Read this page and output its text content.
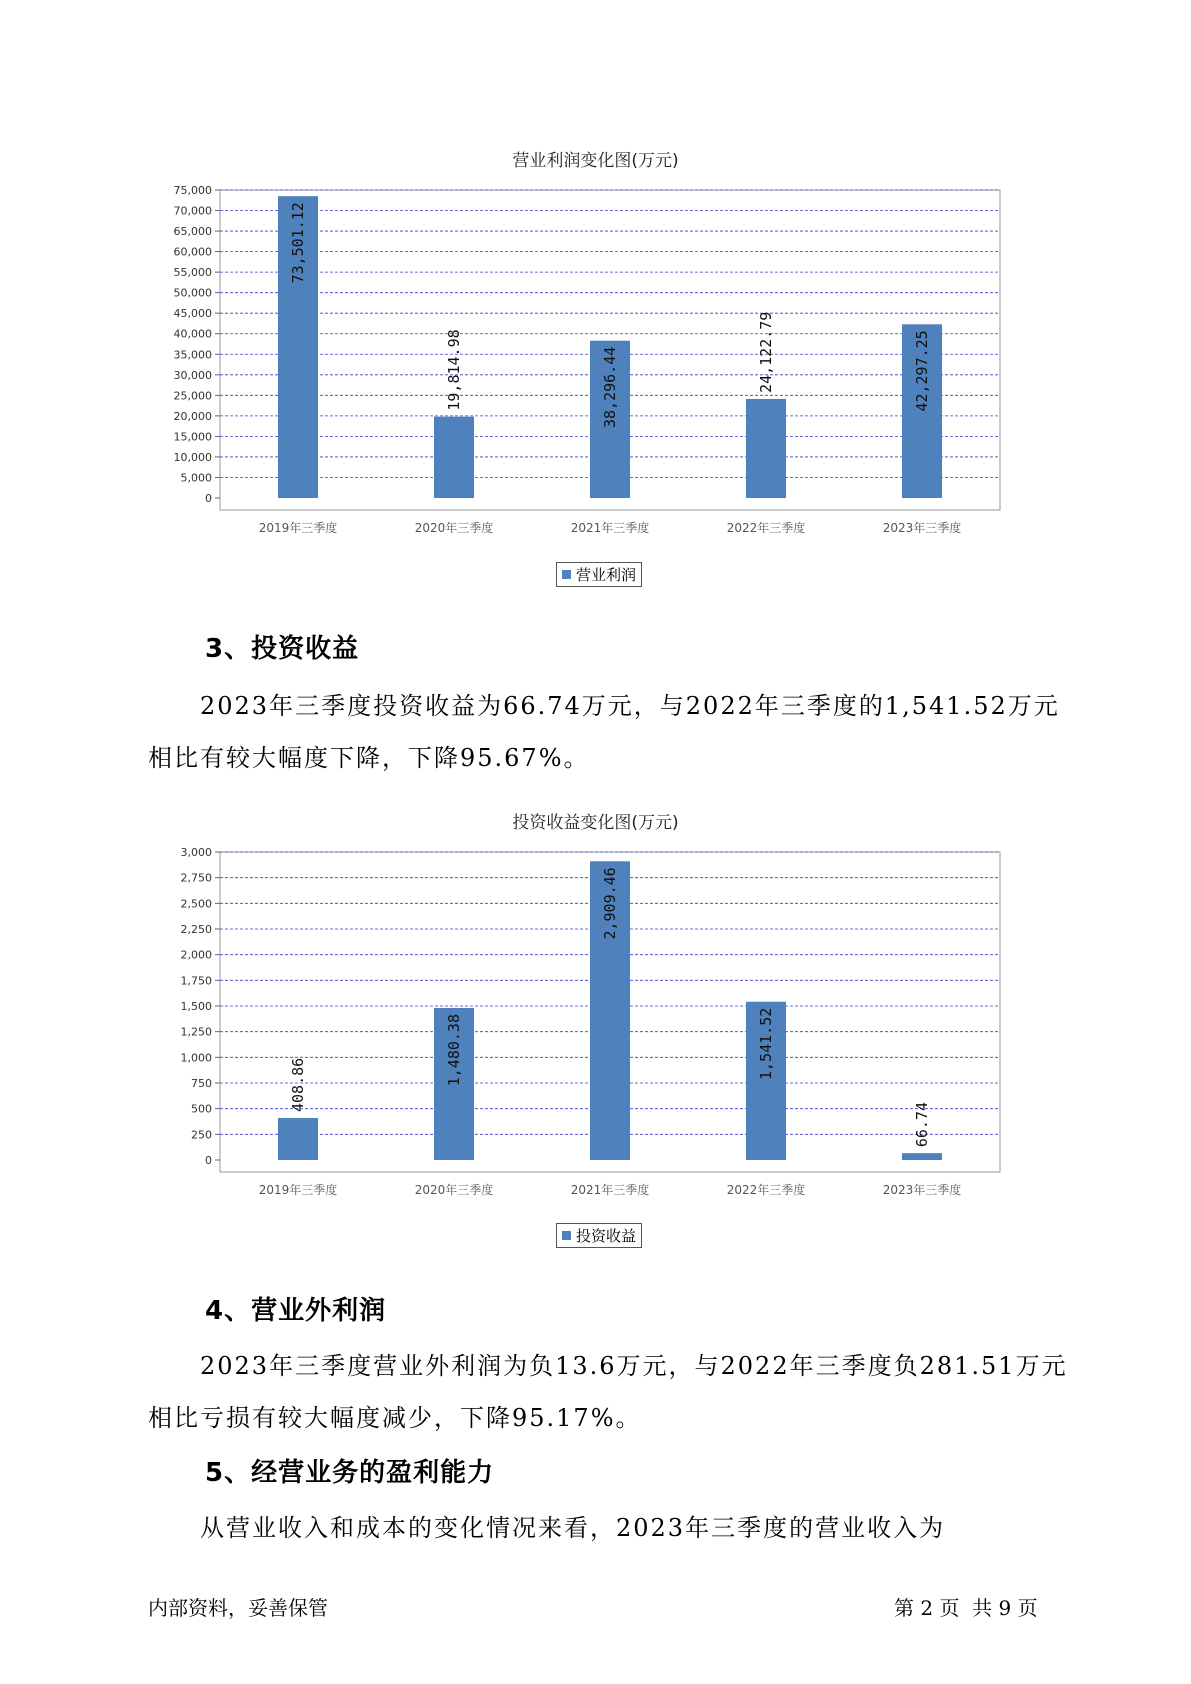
营业利润变化图(万元)
0
5,000
10,000
15,000
20,000
25,000
30,000
35,000
40,000
45,000
50,000
55,000
60,000
65,000
70,000
75,000
73,501.12
2019年三季度
19,814.98
2020年三季度
38,296.44
2021年三季度
24,122.79
2022年三季度
42,297.25
2023年三季度
营业利润
3、投资收益

2023年三季度投资收益为66.74万元，与2022年三季度的1,541.52万元相比有较大幅度下降，下降95.67%。

投资收益变化图(万元)
0
250
500
750
1,000
1,250
1,500
1,750
2,000
2,250
2,500
2,750
3,000
408.86
2019年三季度
1,480.38
2020年三季度
2,909.46
2021年三季度
1,541.52
2022年三季度
66.74
2023年三季度
投资收益
4、营业外利润

2023年三季度营业外利润为负13.6万元，与2022年三季度负281.51万元相比亏损有较大幅度减少，下降95.17%。

5、经营业务的盈利能力

从营业收入和成本的变化情况来看，2023年三季度的营业收入为

内部资料，妥善保管	第 2 页  共 9 页
